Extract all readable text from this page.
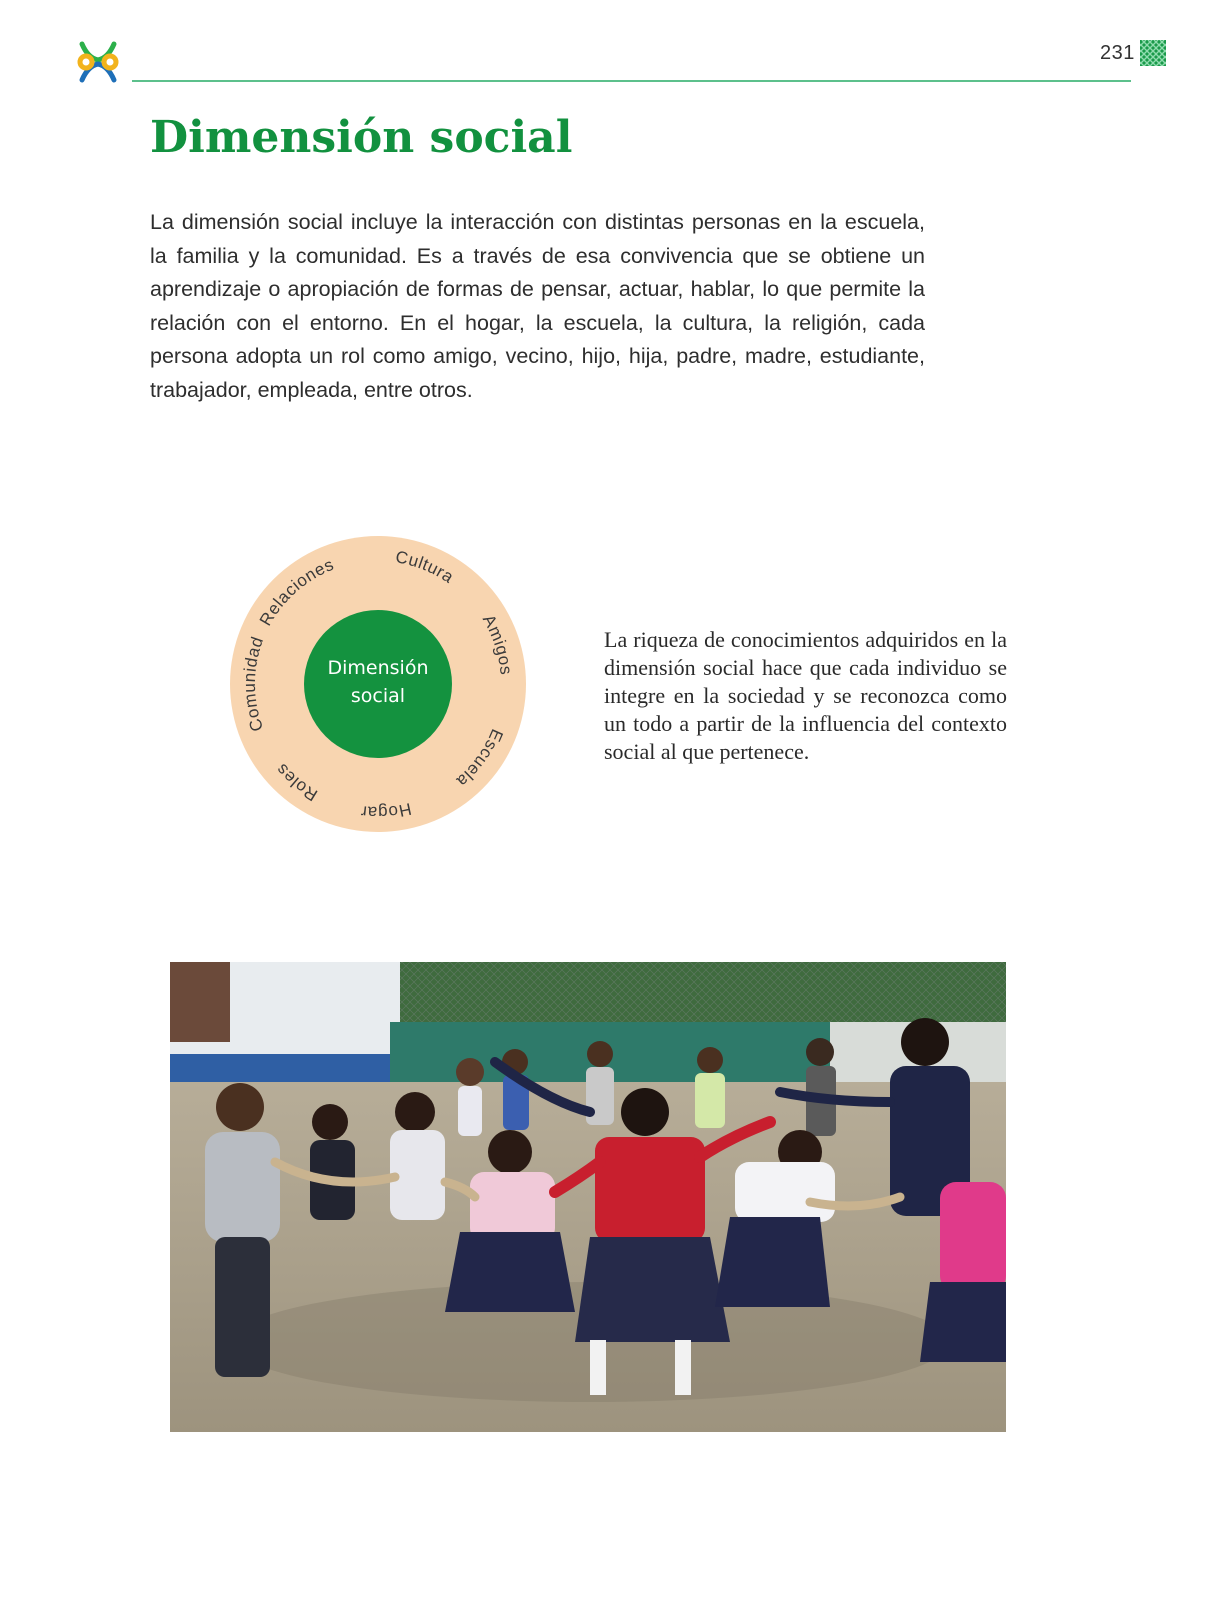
231
Dimensión social

La dimensión social incluye la interacción con distintas personas en la escuela, la familia y la comunidad. Es a través de esa convivencia que se obtiene un aprendizaje o apropiación de formas de pensar, actuar, hablar, lo que permite la relación con el entorno. En el hogar, la escuela, la cultura, la religión, cada persona adopta un rol como amigo, vecino, hijo, hija, padre, madre, estudiante, trabajador, empleada, entre otros.

Relaciones	Cultura
Amigos
Escuela
Hogar
Roles
Comunidad
Dimensión
social

La riqueza de conocimientos adquiridos en la dimensión social hace que cada individuo se integre en la sociedad y se reconozca como un todo a partir de la influencia del contexto social al que pertenece.
